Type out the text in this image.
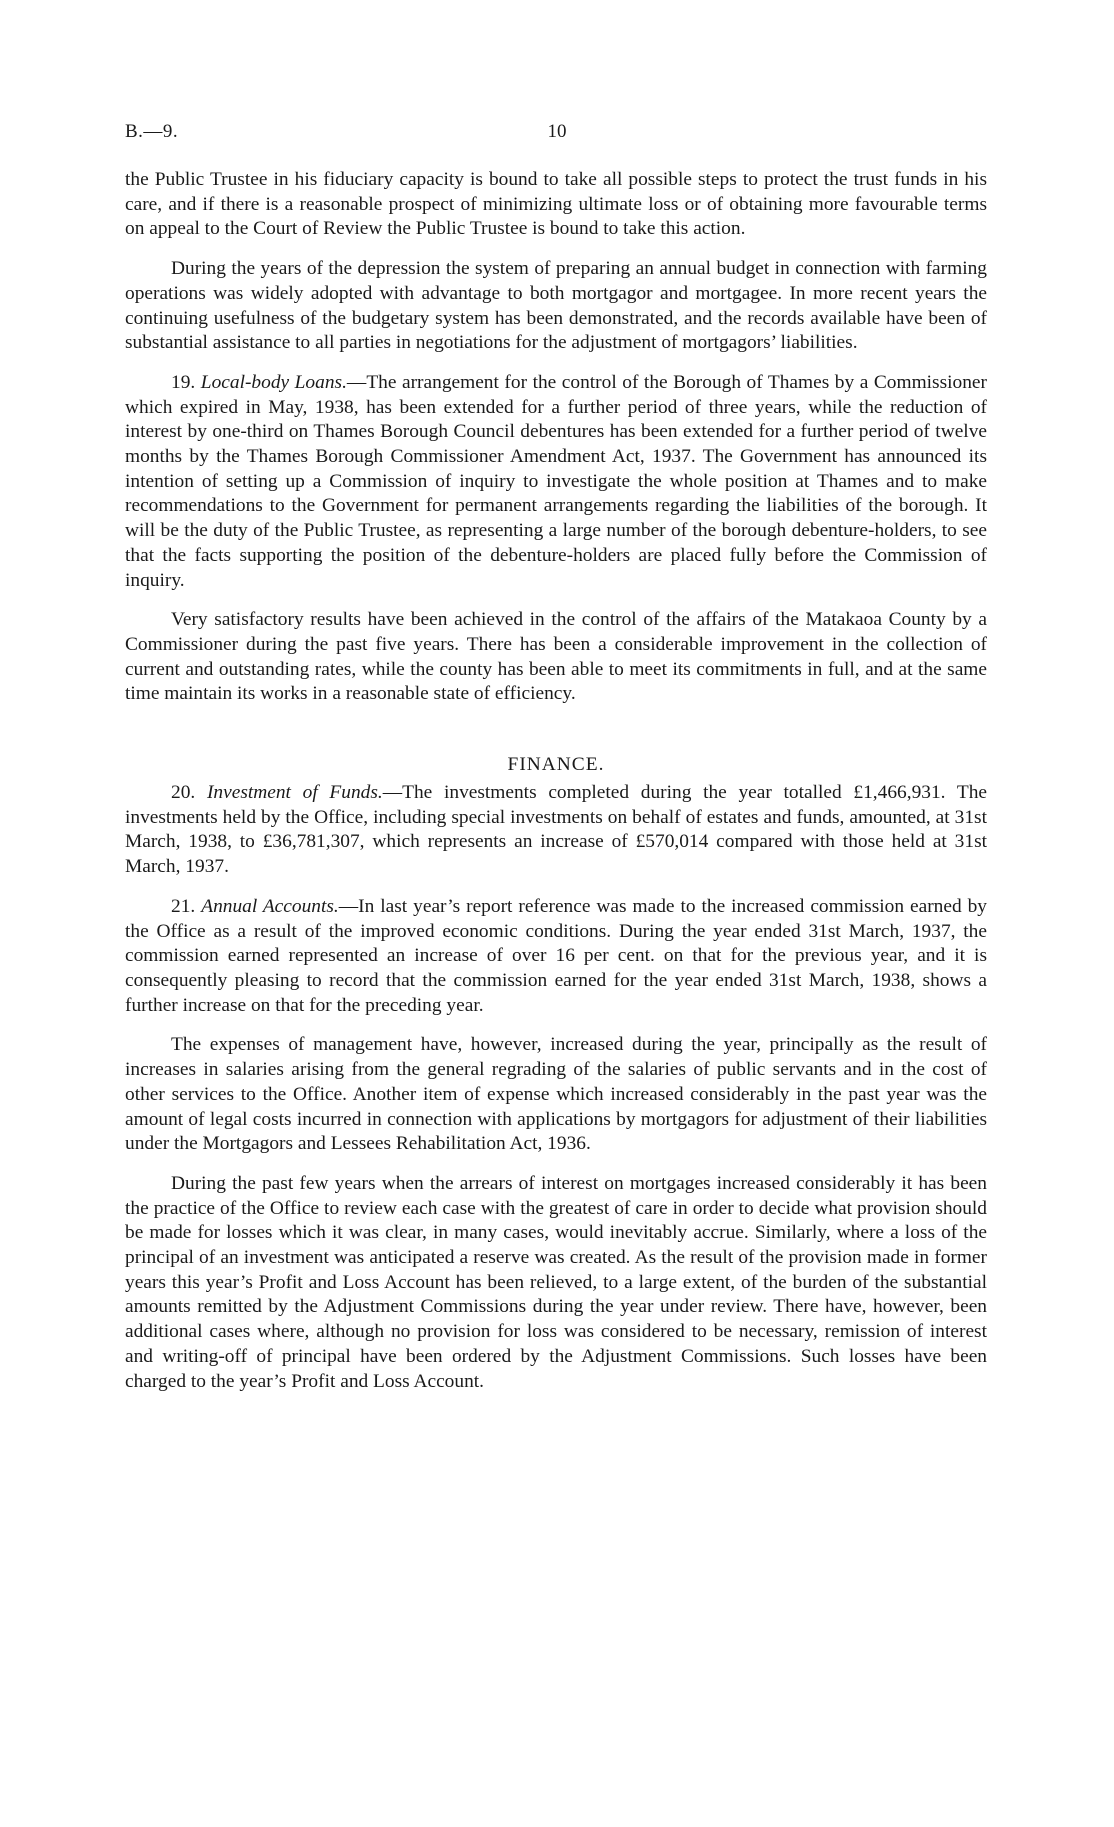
B.—9.	10

the Public Trustee in his fiduciary capacity is bound to take all possible steps to protect the trust funds in his care, and if there is a reasonable prospect of minimizing ultimate loss or of obtaining more favourable terms on appeal to the Court of Review the Public Trustee is bound to take this action.

During the years of the depression the system of preparing an annual budget in connection with farming operations was widely adopted with advantage to both mortgagor and mortgagee. In more recent years the continuing usefulness of the budgetary system has been demonstrated, and the records available have been of substantial assistance to all parties in negotiations for the adjustment of mortgagors’ liabilities.

19. Local-body Loans.—The arrangement for the control of the Borough of Thames by a Commissioner which expired in May, 1938, has been extended for a further period of three years, while the reduction of interest by one-third on Thames Borough Council debentures has been extended for a further period of twelve months by the Thames Borough Commissioner Amendment Act, 1937. The Government has announced its intention of setting up a Commission of inquiry to investigate the whole position at Thames and to make recommendations to the Government for permanent arrangements regarding the liabilities of the borough. It will be the duty of the Public Trustee, as representing a large number of the borough debenture-holders, to see that the facts supporting the position of the debenture-holders are placed fully before the Commission of inquiry.

Very satisfactory results have been achieved in the control of the affairs of the Matakaoa County by a Commissioner during the past five years. There has been a considerable improvement in the collection of current and outstanding rates, while the county has been able to meet its commitments in full, and at the same time maintain its works in a reasonable state of efficiency.

FINANCE.

20. Investment of Funds.—The investments completed during the year totalled £1,466,931. The investments held by the Office, including special investments on behalf of estates and funds, amounted, at 31st March, 1938, to £36,781,307, which represents an increase of £570,014 compared with those held at 31st March, 1937.

21. Annual Accounts.—In last year’s report reference was made to the increased commission earned by the Office as a result of the improved economic conditions. During the year ended 31st March, 1937, the commission earned represented an increase of over 16 per cent. on that for the previous year, and it is consequently pleasing to record that the commission earned for the year ended 31st March, 1938, shows a further increase on that for the preceding year.

The expenses of management have, however, increased during the year, principally as the result of increases in salaries arising from the general regrading of the salaries of public servants and in the cost of other services to the Office. Another item of expense which increased considerably in the past year was the amount of legal costs incurred in connection with applications by mortgagors for adjustment of their liabilities under the Mortgagors and Lessees Rehabilitation Act, 1936.

During the past few years when the arrears of interest on mortgages increased considerably it has been the practice of the Office to review each case with the greatest of care in order to decide what provision should be made for losses which it was clear, in many cases, would inevitably accrue. Similarly, where a loss of the principal of an investment was anticipated a reserve was created. As the result of the provision made in former years this year’s Profit and Loss Account has been relieved, to a large extent, of the burden of the substantial amounts remitted by the Adjustment Commissions during the year under review. There have, however, been additional cases where, although no provision for loss was considered to be necessary, remission of interest and writing-off of principal have been ordered by the Adjustment Commissions. Such losses have been charged to the year’s Profit and Loss Account.
